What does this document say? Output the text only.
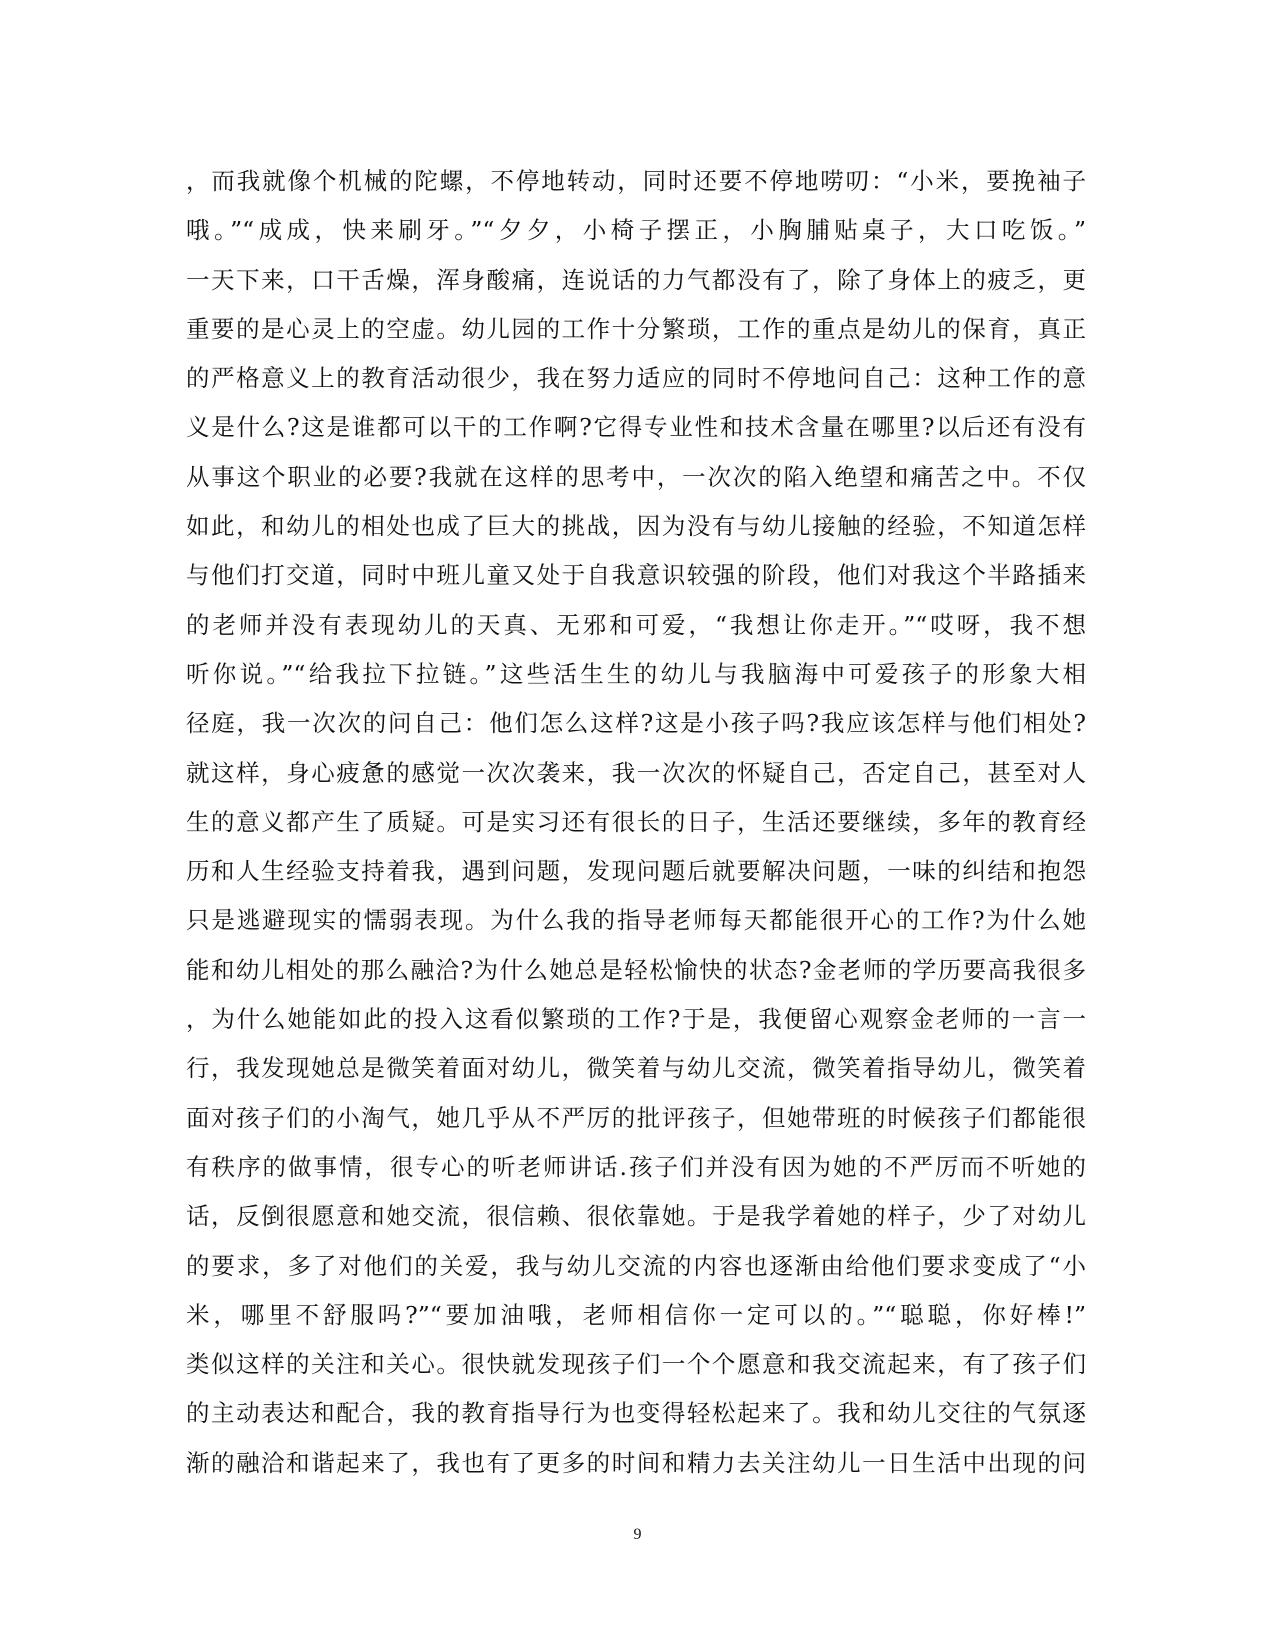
，而我就像个机械的陀螺，不停地转动，同时还要不停地唠叨：“小米，要挽袖子
哦。”“成成，快来刷牙。”“夕夕，小椅子摆正，小胸脯贴桌子，大口吃饭。”
一天下来，口干舌燥，浑身酸痛，连说话的力气都没有了，除了身体上的疲乏，更
重要的是心灵上的空虚。幼儿园的工作十分繁琐，工作的重点是幼儿的保育，真正
的严格意义上的教育活动很少，我在努力适应的同时不停地问自己：这种工作的意
义是什么?这是谁都可以干的工作啊?它得专业性和技术含量在哪里?以后还有没有
从事这个职业的必要?我就在这样的思考中，一次次的陷入绝望和痛苦之中。不仅
如此，和幼儿的相处也成了巨大的挑战，因为没有与幼儿接触的经验，不知道怎样
与他们打交道，同时中班儿童又处于自我意识较强的阶段，他们对我这个半路插来
的老师并没有表现幼儿的天真、无邪和可爱，“我想让你走开。”“哎呀，我不想
听你说。”“给我拉下拉链。”这些活生生的幼儿与我脑海中可爱孩子的形象大相
径庭，我一次次的问自己：他们怎么这样?这是小孩子吗?我应该怎样与他们相处?
就这样，身心疲惫的感觉一次次袭来，我一次次的怀疑自己，否定自己，甚至对人
生的意义都产生了质疑。可是实习还有很长的日子，生活还要继续，多年的教育经
历和人生经验支持着我，遇到问题，发现问题后就要解决问题，一味的纠结和抱怨
只是逃避现实的懦弱表现。为什么我的指导老师每天都能很开心的工作?为什么她
能和幼儿相处的那么融洽?为什么她总是轻松愉快的状态?金老师的学历要高我很多
，为什么她能如此的投入这看似繁琐的工作?于是，我便留心观察金老师的一言一
行，我发现她总是微笑着面对幼儿，微笑着与幼儿交流，微笑着指导幼儿，微笑着
面对孩子们的小淘气，她几乎从不严厉的批评孩子，但她带班的时候孩子们都能很
有秩序的做事情，很专心的听老师讲话.孩子们并没有因为她的不严厉而不听她的
话，反倒很愿意和她交流，很信赖、很依靠她。于是我学着她的样子，少了对幼儿
的要求，多了对他们的关爱，我与幼儿交流的内容也逐渐由给他们要求变成了“小
米，哪里不舒服吗?”“要加油哦，老师相信你一定可以的。”“聪聪，你好棒!”
类似这样的关注和关心。很快就发现孩子们一个个愿意和我交流起来，有了孩子们
的主动表达和配合，我的教育指导行为也变得轻松起来了。我和幼儿交往的气氛逐
渐的融洽和谐起来了，我也有了更多的时间和精力去关注幼儿一日生活中出现的问
9
